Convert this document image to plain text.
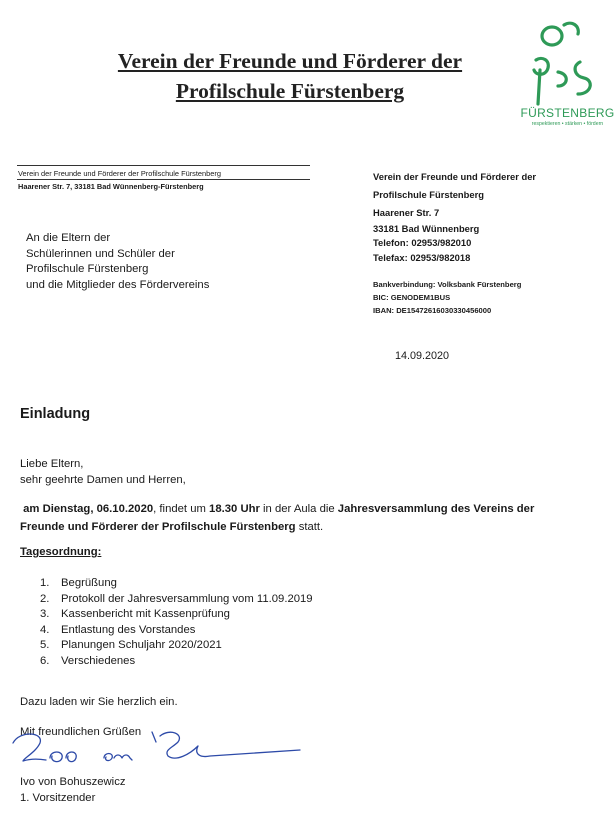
Verein der Freunde und Förderer der
Profilschule Fürstenberg
FÜRSTENBERG
respektieren • stärken • fördern
Verein der Freunde und Förderer der Profilschule Fürstenberg
Haarener Str. 7, 33181 Bad Wünnenberg-Fürstenberg
An die Eltern der
Schülerinnen und Schüler der
Profilschule Fürstenberg
und die Mitglieder des Fördervereins
Verein der Freunde und Förderer der
Profilschule Fürstenberg
Haarener Str. 7
33181 Bad Wünnenberg
Telefon: 02953/982010
Telefax: 02953/982018
Bankverbindung: Volksbank Fürstenberg
BIC: GENODEM1BUS
IBAN: DE15472616030330456000
14.09.2020
Einladung
Liebe Eltern,
sehr geehrte Damen und Herren,
am Dienstag, 06.10.2020, findet um 18.30 Uhr in der Aula die Jahresversammlung des Vereins der Freunde und Förderer der Profilschule Fürstenberg statt.
Tagesordnung:
1.	Begrüßung
2.	Protokoll der Jahresversammlung vom 11.09.2019
3.	Kassenbericht mit Kassenprüfung
4.	Entlastung des Vorstandes
5.	Planungen Schuljahr 2020/2021
6.	Verschiedenes
Dazu laden wir Sie herzlich ein.
Mit freundlichen Grüßen
Ivo von Bohuszewicz
1. Vorsitzender
